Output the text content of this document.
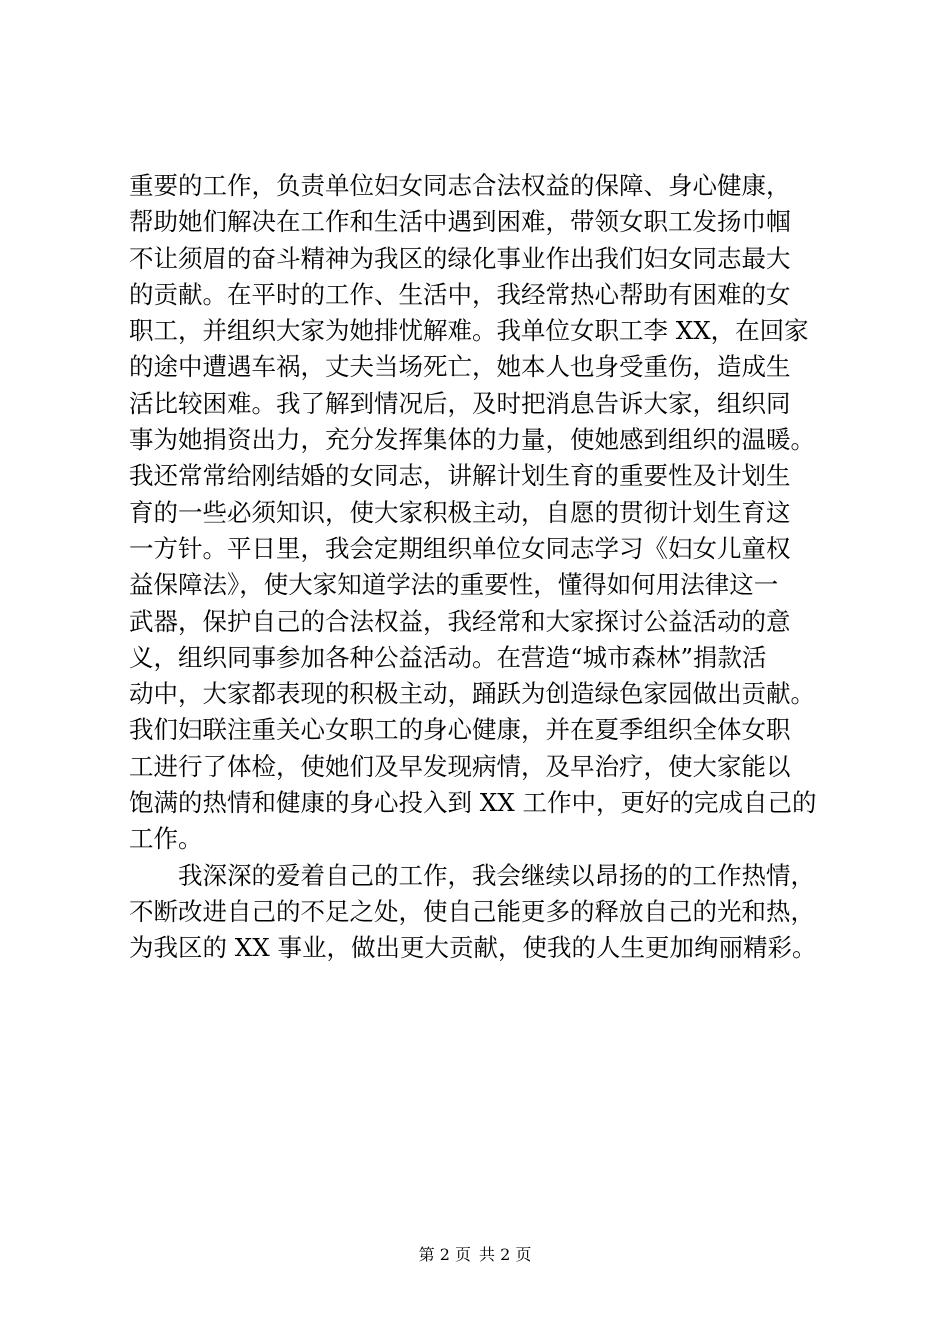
重要的工作，负责单位妇女同志合法权益的保障、身心健康，
帮助她们解决在工作和生活中遇到困难，带领女职工发扬巾帼
不让须眉的奋斗精神为我区的绿化事业作出我们妇女同志最大
的贡献。在平时的工作、生活中，我经常热心帮助有困难的女
职工，并组织大家为她排忧解难。我单位女职工李 XX，在回家
的途中遭遇车祸，丈夫当场死亡，她本人也身受重伤，造成生
活比较困难。我了解到情况后，及时把消息告诉大家，组织同
事为她捐资出力，充分发挥集体的力量，使她感到组织的温暖。
我还常常给刚结婚的女同志，讲解计划生育的重要性及计划生
育的一些必须知识，使大家积极主动，自愿的贯彻计划生育这
一方针。平日里，我会定期组织单位女同志学习《妇女儿童权
益保障法》，使大家知道学法的重要性，懂得如何用法律这一
武器，保护自己的合法权益，我经常和大家探讨公益活动的意
义，组织同事参加各种公益活动。在营造“城市森林”捐款活
动中，大家都表现的积极主动，踊跃为创造绿色家园做出贡献。
我们妇联注重关心女职工的身心健康，并在夏季组织全体女职
工进行了体检，使她们及早发现病情，及早治疗，使大家能以
饱满的热情和健康的身心投入到 XX 工作中，更好的完成自己的
工作。
　　我深深的爱着自己的工作，我会继续以昂扬的的工作热情，
不断改进自己的不足之处，使自己能更多的释放自己的光和热，
为我区的 XX 事业，做出更大贡献，使我的人生更加绚丽精彩。
第 2 页 共 2 页
